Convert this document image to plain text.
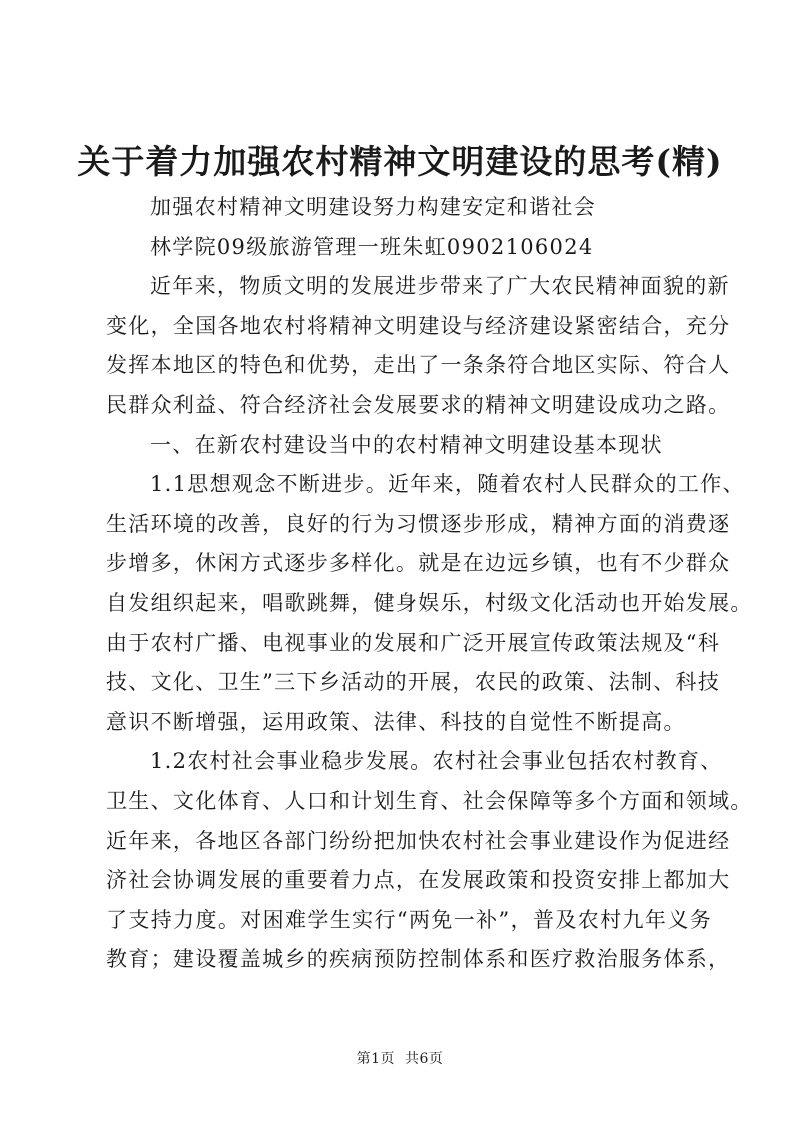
关于着力加强农村精神文明建设的思考(精)
加强农村精神文明建设努力构建安定和谐社会
林学院09级旅游管理一班朱虹0902106024
近年来，物质文明的发展进步带来了广大农民精神面貌的新
变化，全国各地农村将精神文明建设与经济建设紧密结合，充分
发挥本地区的特色和优势，走出了一条条符合地区实际、符合人
民群众利益、符合经济社会发展要求的精神文明建设成功之路。
一、在新农村建设当中的农村精神文明建设基本现状
1.1思想观念不断进步。近年来，随着农村人民群众的工作、
生活环境的改善，良好的行为习惯逐步形成，精神方面的消费逐
步增多，休闲方式逐步多样化。就是在边远乡镇，也有不少群众
自发组织起来，唱歌跳舞，健身娱乐，村级文化活动也开始发展。
由于农村广播、电视事业的发展和广泛开展宣传政策法规及“科
技、文化、卫生”三下乡活动的开展，农民的政策、法制、科技
意识不断增强，运用政策、法律、科技的自觉性不断提高。
1.2农村社会事业稳步发展。农村社会事业包括农村教育、
卫生、文化体育、人口和计划生育、社会保障等多个方面和领域。
近年来，各地区各部门纷纷把加快农村社会事业建设作为促进经
济社会协调发展的重要着力点，在发展政策和投资安排上都加大
了支持力度。对困难学生实行“两免一补”，普及农村九年义务
教育；建设覆盖城乡的疾病预防控制体系和医疗救治服务体系，
第1页  共6页
